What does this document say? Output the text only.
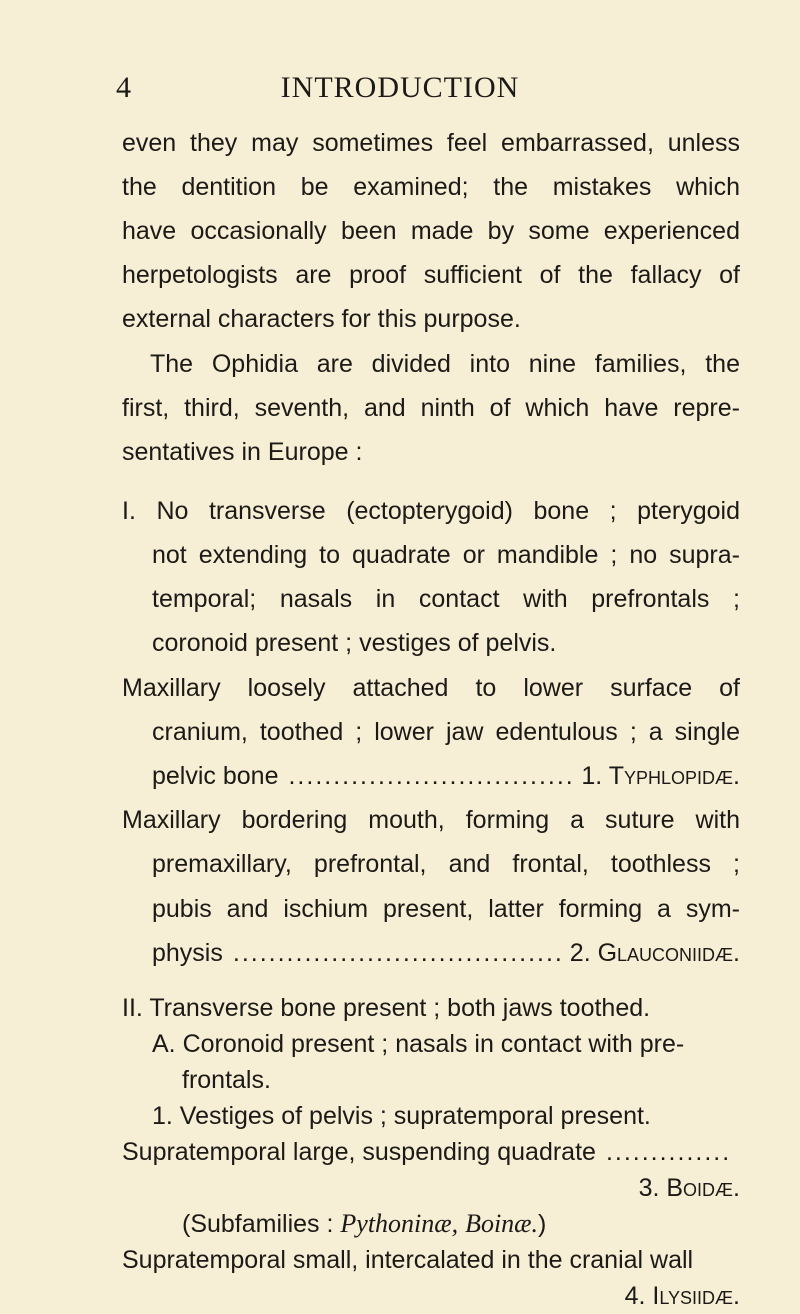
4	INTRODUCTION
even they may sometimes feel embarrassed, unless
the dentition be examined; the mistakes which
have occasionally been made by some experienced
herpetologists are proof sufficient of the fallacy of
external characters for this purpose.
The Ophidia are divided into nine families, the
first, third, seventh, and ninth of which have repre-
sentatives in Europe :
I. No transverse (ectopterygoid) bone ; pterygoid
not extending to quadrate or mandible ; no supra-
temporal; nasals in contact with prefrontals ;
coronoid present ; vestiges of pelvis.
Maxillary loosely attached to lower surface of
cranium, toothed ; lower jaw edentulous ; a single
pelvic bone .....	1. Typhlopidæ.
Maxillary bordering mouth, forming a suture with
premaxillary, prefrontal, and frontal, toothless ;
pubis and ischium present, latter forming a sym-
physis .....	2. Glauconiidæ.
II. Transverse bone present ; both jaws toothed.
A. Coronoid present ; nasals in contact with pre-
frontals.
1. Vestiges of pelvis ; supratemporal present.
Supratemporal large, suspending quadrate
.....
3. Boidæ.
(Subfamilies : Pythoninæ, Boinæ.)
Supratemporal small, intercalated in the cranial wall
4. Ilysiidæ.
